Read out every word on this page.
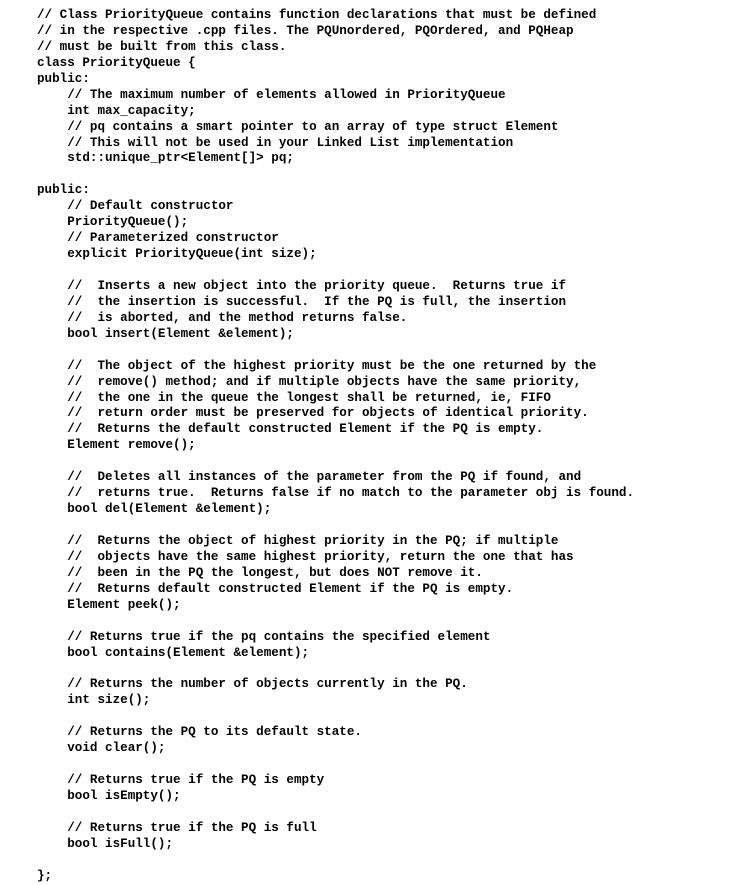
// Class PriorityQueue contains function declarations that must be defined
// in the respective .cpp files. The PQUnordered, PQOrdered, and PQHeap
// must be built from this class.
class PriorityQueue {
public:
// The maximum number of elements allowed in PriorityQueue
int max_capacity;
// pq contains a smart pointer to an array of type struct Element
// This will not be used in your Linked List implementation
std::unique_ptr<Element[]> pq;
public:
// Default constructor
PriorityQueue();
// Parameterized constructor
explicit PriorityQueue(int size);
//  Inserts a new object into the priority queue.  Returns true if
//  the insertion is successful.  If the PQ is full, the insertion
//  is aborted, and the method returns false.
bool insert(Element &element);
//  The object of the highest priority must be the one returned by the
//  remove() method; and if multiple objects have the same priority,
//  the one in the queue the longest shall be returned, ie, FIFO
//  return order must be preserved for objects of identical priority.
//  Returns the default constructed Element if the PQ is empty.
Element remove();
//  Deletes all instances of the parameter from the PQ if found, and
//  returns true.  Returns false if no match to the parameter obj is found.
bool del(Element &element);
//  Returns the object of highest priority in the PQ; if multiple
//  objects have the same highest priority, return the one that has
//  been in the PQ the longest, but does NOT remove it.
//  Returns default constructed Element if the PQ is empty.
Element peek();
// Returns true if the pq contains the specified element
bool contains(Element &element);
// Returns the number of objects currently in the PQ.
int size();
// Returns the PQ to its default state.
void clear();
// Returns true if the PQ is empty
bool isEmpty();
// Returns true if the PQ is full
bool isFull();
};
